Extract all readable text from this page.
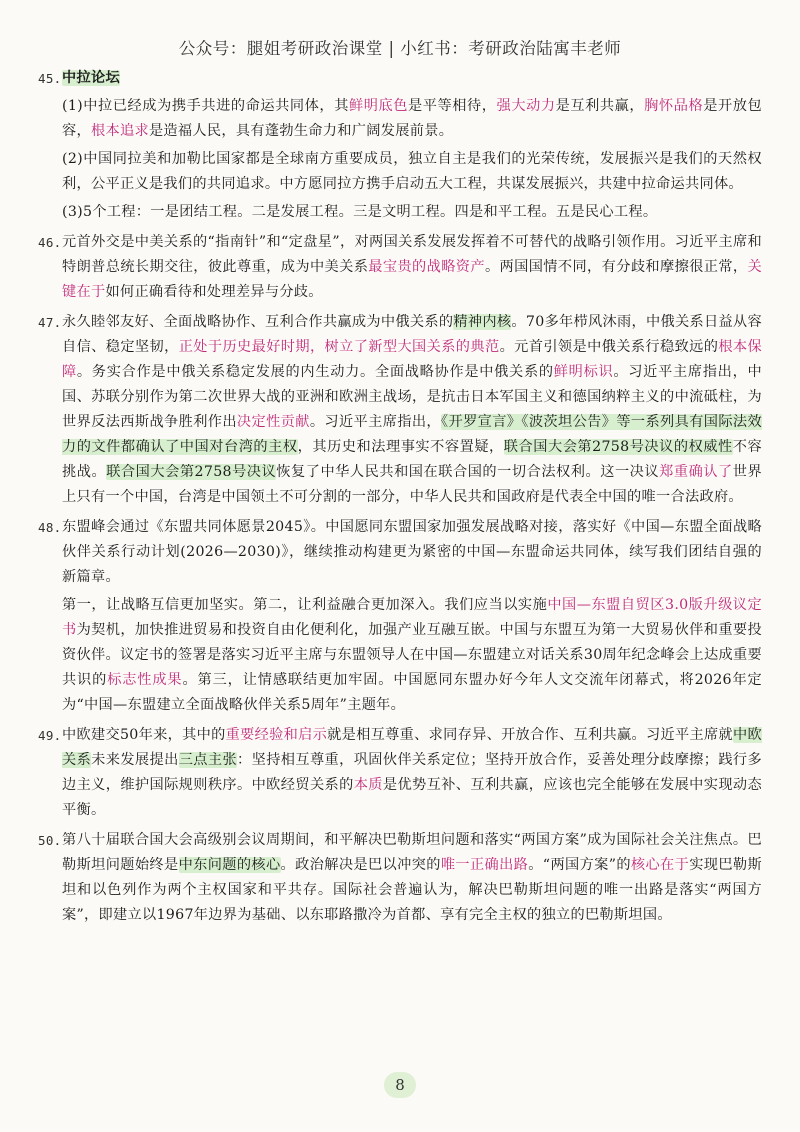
公众号：腿姐考研政治课堂 | 小红书：考研政治陆寓丰老师
45. 中拉论坛

(1)中拉已经成为携手共进的命运共同体，其鲜明底色是平等相待，强大动力是互利共赢，胸怀品格是开放包容，根本追求是造福人民，具有蓬勃生命力和广阔发展前景。

(2)中国同拉美和加勒比国家都是全球南方重要成员，独立自主是我们的光荣传统，发展振兴是我们的天然权利，公平正义是我们的共同追求。中方愿同拉方携手启动五大工程，共谋发展振兴，共建中拉命运共同体。

(3)5个工程：一是团结工程。二是发展工程。三是文明工程。四是和平工程。五是民心工程。

46. 元首外交是中美关系的“指南针”和“定盘星”，对两国关系发展发挥着不可替代的战略引领作用。习近平主席和特朗普总统长期交往，彼此尊重，成为中美关系最宝贵的战略资产。两国国情不同，有分歧和摩擦很正常，关键在于如何正确看待和处理差异与分歧。

47. 永久睦邻友好、全面战略协作、互利合作共赢成为中俄关系的精神内核。70多年栉风沐雨，中俄关系日益从容自信、稳定坚韧，正处于历史最好时期，树立了新型大国关系的典范。元首引领是中俄关系行稳致远的根本保障。务实合作是中俄关系稳定发展的内生动力。全面战略协作是中俄关系的鲜明标识。习近平主席指出，中国、苏联分别作为第二次世界大战的亚洲和欧洲主战场，是抗击日本军国主义和德国纳粹主义的中流砥柱，为世界反法西斯战争胜利作出决定性贡献。习近平主席指出，《开罗宣言》《波茨坦公告》等一系列具有国际法效力的文件都确认了中国对台湾的主权，其历史和法理事实不容置疑，联合国大会第2758号决议的权威性不容挑战。联合国大会第2758号决议恢复了中华人民共和国在联合国的一切合法权利。这一决议郑重确认了世界上只有一个中国，台湾是中国领土不可分割的一部分，中华人民共和国政府是代表全中国的唯一合法政府。

48. 东盟峰会通过《东盟共同体愿景2045》。中国愿同东盟国家加强发展战略对接，落实好《中国—东盟全面战略伙伴关系行动计划(2026—2030)》，继续推动构建更为紧密的中国—东盟命运共同体，续写我们团结自强的新篇章。

第一，让战略互信更加坚实。第二，让利益融合更加深入。我们应当以实施中国—东盟自贸区3.0版升级议定书为契机，加快推进贸易和投资自由化便利化，加强产业互融互嵌。中国与东盟互为第一大贸易伙伴和重要投资伙伴。议定书的签署是落实习近平主席与东盟领导人在中国—东盟建立对话关系30周年纪念峰会上达成重要共识的标志性成果。第三，让情感联结更加牢固。中国愿同东盟办好今年人文交流年闭幕式，将2026年定为“中国—东盟建立全面战略伙伴关系5周年”主题年。

49. 中欧建交50年来，其中的重要经验和启示就是相互尊重、求同存异、开放合作、互利共赢。习近平主席就中欧关系未来发展提出三点主张：坚持相互尊重，巩固伙伴关系定位；坚持开放合作，妥善处理分歧摩擦；践行多边主义，维护国际规则秩序。中欧经贸关系的本质是优势互补、互利共赢，应该也完全能够在发展中实现动态平衡。

50. 第八十届联合国大会高级别会议周期间，和平解决巴勒斯坦问题和落实“两国方案”成为国际社会关注焦点。巴勒斯坦问题始终是中东问题的核心。政治解决是巴以冲突的唯一正确出路。“两国方案”的核心在于实现巴勒斯坦和以色列作为两个主权国家和平共存。国际社会普遍认为，解决巴勒斯坦问题的唯一出路是落实“两国方案”，即建立以1967年边界为基础、以东耶路撒冷为首都、享有完全主权的独立的巴勒斯坦国。

8
